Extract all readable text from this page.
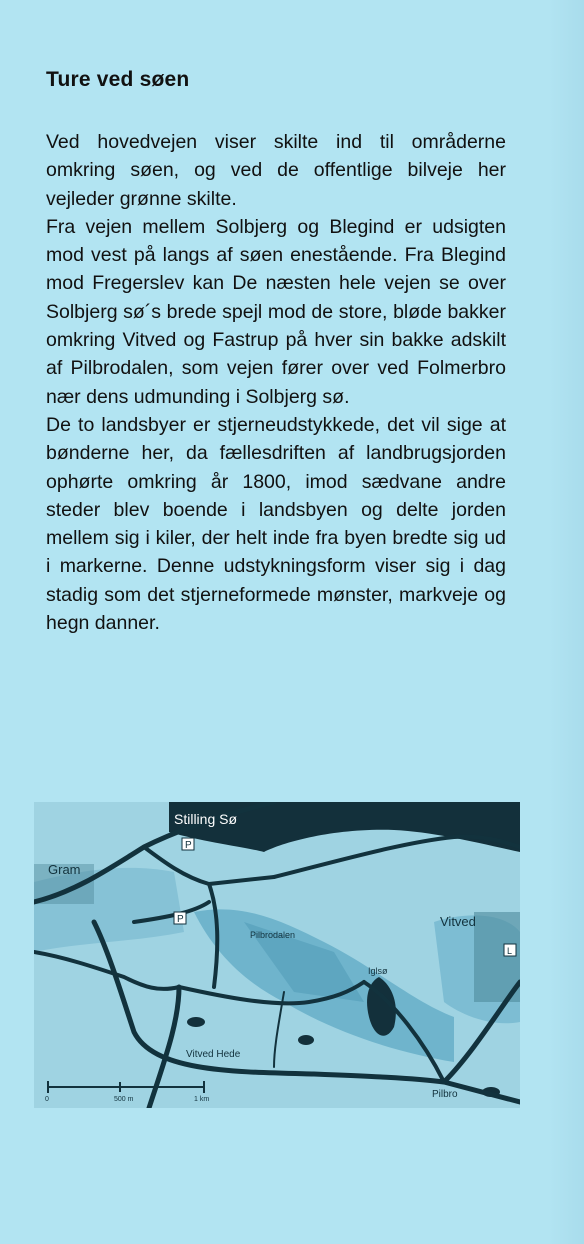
Ture ved søen

Ved hovedvejen viser skilte ind til områderne omkring søen, og ved de offentlige bilveje her vejleder grønne skilte.

Fra vejen mellem Solbjerg og Blegind er udsigten mod vest på langs af søen enestående. Fra Blegind mod Fregerslev kan De næsten hele vejen se over Solbjerg sø´s brede spejl mod de store, bløde bakker omkring Vitved og Fastrup på hver sin bakke adskilt af Pilbrodalen, som vejen fører over ved Folmerbro nær dens udmunding i Solbjerg sø.

De to landsbyer er stjerneudstykkede, det vil sige at bønderne her, da fællesdriften af landbrugsjorden ophørte omkring år 1800, imod sædvane andre steder blev boende i landsbyen og delte jorden mellem sig i kiler, der helt inde fra byen bredte sig ud i markerne. Denne udstykningsform viser sig i dag stadig som det stjerneformede mønster, markveje og hegn danner.

Stilling Sø
P
P
Gram
Vitved
Pilbrodalen
Iglsø
Vitved Hede
Pilbro
L
0	500 m	1 km
